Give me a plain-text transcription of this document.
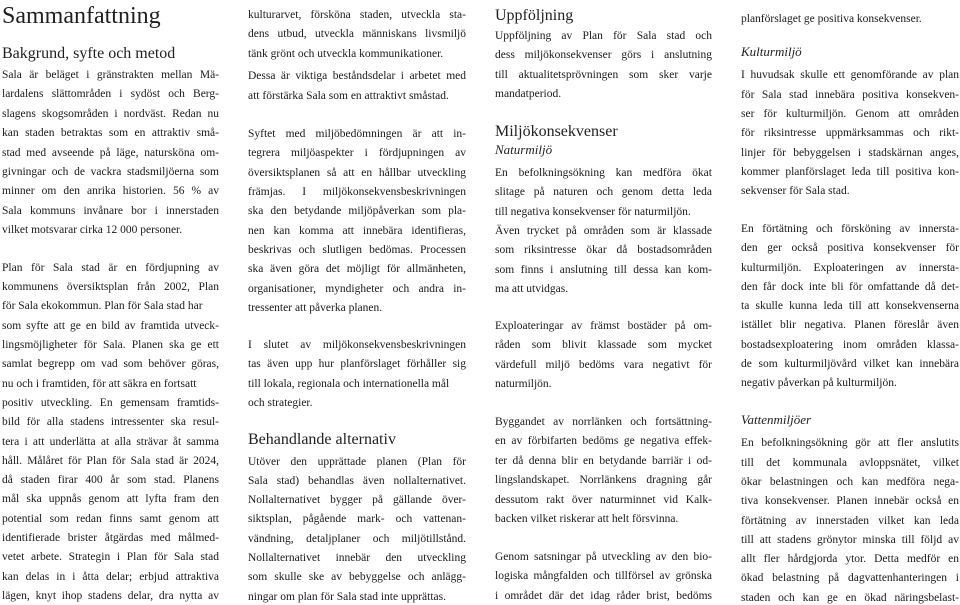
Sammanfattning
Bakgrund, syfte och metod
Sala är beläget i gränstrakten mellan Mä-
lardalens slättområden i sydöst och Berg-
slagens skogsområden i nordväst. Redan nu
kan staden betraktas som en attraktiv små-
stad med avseende på läge, natursköna om-
givningar och de vackra stadsmiljöerna som
minner om den anrika historien. 56 % av
Sala kommuns invånare bor i innerstaden
vilket motsvarar cirka 12 000 personer.
Plan för Sala stad är en fördjupning av
kommunens översiktsplan från 2002, Plan
för Sala ekokommun. Plan för Sala stad har
som syfte att ge en bild av framtida utveck-
lingsmöjligheter för Sala. Planen ska ge ett
samlat begrepp om vad som behöver göras,
nu och i framtiden, för att säkra en fortsatt
positiv utveckling. En gemensam framtids-
bild för alla stadens intressenter ska resul-
tera i att underlätta at alla strävar åt samma
håll. Målåret för Plan för Sala stad är 2024,
då staden firar 400 år som stad. Planens
mål ska uppnås genom att lyfta fram den
potential som redan finns samt genom att
identifierade brister åtgärdas med målmed-
vetet arbete. Strategin i Plan för Sala stad
kan delas in i åtta delar; erbjud attraktiva
lägen, knyt ihop stadens delar, dra nytta av
kulturarvet, försköna staden, utveckla sta-
dens utbud, utveckla människans livsmiljö
tänk grönt och utveckla kommunikationer.
Dessa är viktiga beståndsdelar i arbetet med
att förstärka Sala som en attraktivt småstad.
Syftet med miljöbedömningen är att in-
tegrera miljöaspekter i fördjupningen av
översiktsplanen så att en hållbar utveckling
främjas. I miljökonsekvensbeskrivningen
ska den betydande miljöpåverkan som pla-
nen kan komma att innebära identifieras,
beskrivas och slutligen bedömas. Processen
ska även göra det möjligt för allmänheten,
organisationer, myndigheter och andra in-
tressenter att påverka planen.
I slutet av miljökonsekvensbeskrivningen
tas även upp hur planförslaget förhåller sig
till lokala, regionala och internationella mål
och strategier.
Behandlande alternativ
Utöver den upprättade planen (Plan för
Sala stad) behandlas även nollalternativet.
Nollalternativet bygger på gällande över-
siktsplan, pågående mark- och vattenan-
vändning, detaljplaner och miljötillstånd.
Nollalternativet innebär den utveckling
som skulle ske av bebyggelse och anlägg-
ningar om plan för Sala stad inte upprättas.
Uppföljning
Uppföljning av Plan för Sala stad och
dess miljökonsekvenser görs i anslutning
till aktualitetsprövningen som sker varje
mandatperiod.
Miljökonsekvenser
Naturmiljö
En befolkningsökning kan medföra ökat
slitage på naturen och genom detta leda
till negativa konsekvenser för naturmiljön.
Även trycket på områden som är klassade
som riksintresse ökar då bostadsområden
som finns i anslutning till dessa kan kom-
ma att utvidgas.
Exploateringar av främst bostäder på om-
råden som blivit klassade som mycket
värdefull miljö bedöms vara negativt för
naturmiljön.
Byggandet av norrlänken och fortsättning-
en av förbifarten bedöms ge negativa effek-
ter då denna blir en betydande barriär i od-
lingslandskapet. Norrlänkens dragning går
dessutom rakt över naturminnet vid Kalk-
backen vilket riskerar att helt försvinna.
Genom satsningar på utveckling av den bio-
logiska mångfalden och tillförsel av grönska
i området där det idag råder brist, bedöms
planförslaget ge positiva konsekvenser.
Kulturmiljö
I huvudsak skulle ett genomförande av plan
för Sala stad innebära positiva konsekven-
ser för kulturmiljön. Genom att områden
för riksintresse uppmärksammas och rikt-
linjer för bebyggelsen i stadskärnan anges,
kommer planförslaget leda till positiva kon-
sekvenser för Sala stad.
En förtätning och försköning av innersta-
den ger också positiva konsekvenser för
kulturmiljön. Exploateringen av innersta-
den får dock inte bli för omfattande då det-
ta skulle kunna leda till att konsekvenserna
istället blir negativa. Planen föreslår även
bostadsexploatering inom områden klassa-
de som kulturmiljövård vilket kan innebära
negativ påverkan på kulturmiljön.
Vattenmiljöer
En befolkningsökning gör att fler anslutits
till det kommunala avloppsnätet, vilket
ökar belastningen och kan medföra nega-
tiva konsekvenser. Planen innebär också en
förtätning av innerstaden vilket kan leda
till att stadens grönytor minska till följd av
allt fler hårdgjorda ytor. Detta medför en
ökad belastning på dagvattenhanteringen i
staden och kan ge en ökad näringsbelast-
